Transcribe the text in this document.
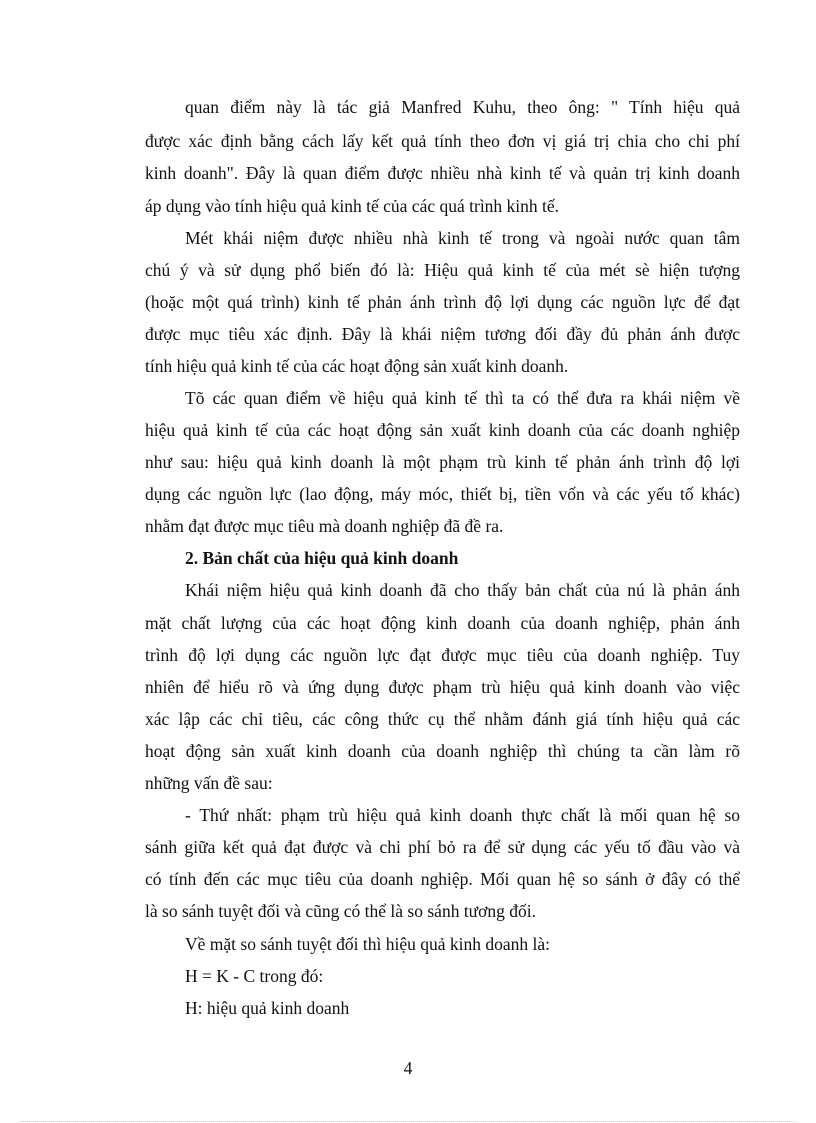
quan điểm này là tác giả Manfred Kuhu, theo ông: " Tính hiệu quả
được xác định bằng cách lấy kết quả tính theo đơn vị giá trị chia cho chi phí
kinh doanh". Đây là quan điểm được nhiều nhà kinh tế và quản trị kinh doanh
áp dụng vào tính hiệu quả kinh tế của các quá trình kinh tế.
Mét khái niệm được nhiều nhà kinh tế trong và ngoài nước quan tâm
chú ý và sử dụng phổ biến đó là: Hiệu quả kinh tế của mét sè hiện tượng
(hoặc một quá trình) kinh tế phản ánh trình độ lợi dụng các nguồn lực để đạt
được mục tiêu xác định. Đây là khái niệm tương đối đầy đủ phản ánh được
tính hiệu quả kinh tế của các hoạt động sản xuất kinh doanh.
Tõ các quan điểm về hiệu quả kinh tế thì ta có thể đưa ra khái niệm về
hiệu quả kinh tế của các hoạt động sản xuất kinh doanh của các doanh nghiệp
như sau: hiệu quả kinh doanh là một phạm trù kinh tế phản ánh trình độ lợi
dụng các nguồn lực (lao động, máy móc, thiết bị, tiền vốn và các yếu tố khác)
nhằm đạt được mục tiêu mà doanh nghiệp đã đề ra.
2. Bản chất của hiệu quả kinh doanh
Khái niệm hiệu quả kinh doanh đã cho thấy bản chất của nú là phản ánh
mặt chất lượng của các hoạt động kinh doanh của doanh nghiệp, phản ánh
trình độ lợi dụng các nguồn lực đạt được mục tiêu của doanh nghiệp. Tuy
nhiên để hiểu rõ và ứng dụng được phạm trù hiệu quả kinh doanh vào việc
xác lập các chỉ tiêu, các công thức cụ thể nhằm đánh giá tính hiệu quả các
hoạt động sản xuất kinh doanh của doanh nghiệp thì chúng ta cần làm rõ
những vấn đề sau:
- Thứ nhất: phạm trù hiệu quả kinh doanh thực chất là mối quan hệ so
sánh giữa kết quả đạt được và chi phí bỏ ra để sử dụng các yếu tố đầu vào và
có tính đến các mục tiêu của doanh nghiệp. Mối quan hệ so sánh ở đây có thể
là so sánh tuyệt đối và cũng có thể là so sánh tương đối.
Về mặt so sánh tuyệt đối thì hiệu quả kinh doanh là:
H = K - C trong đó:
H: hiệu quả kinh doanh
4
